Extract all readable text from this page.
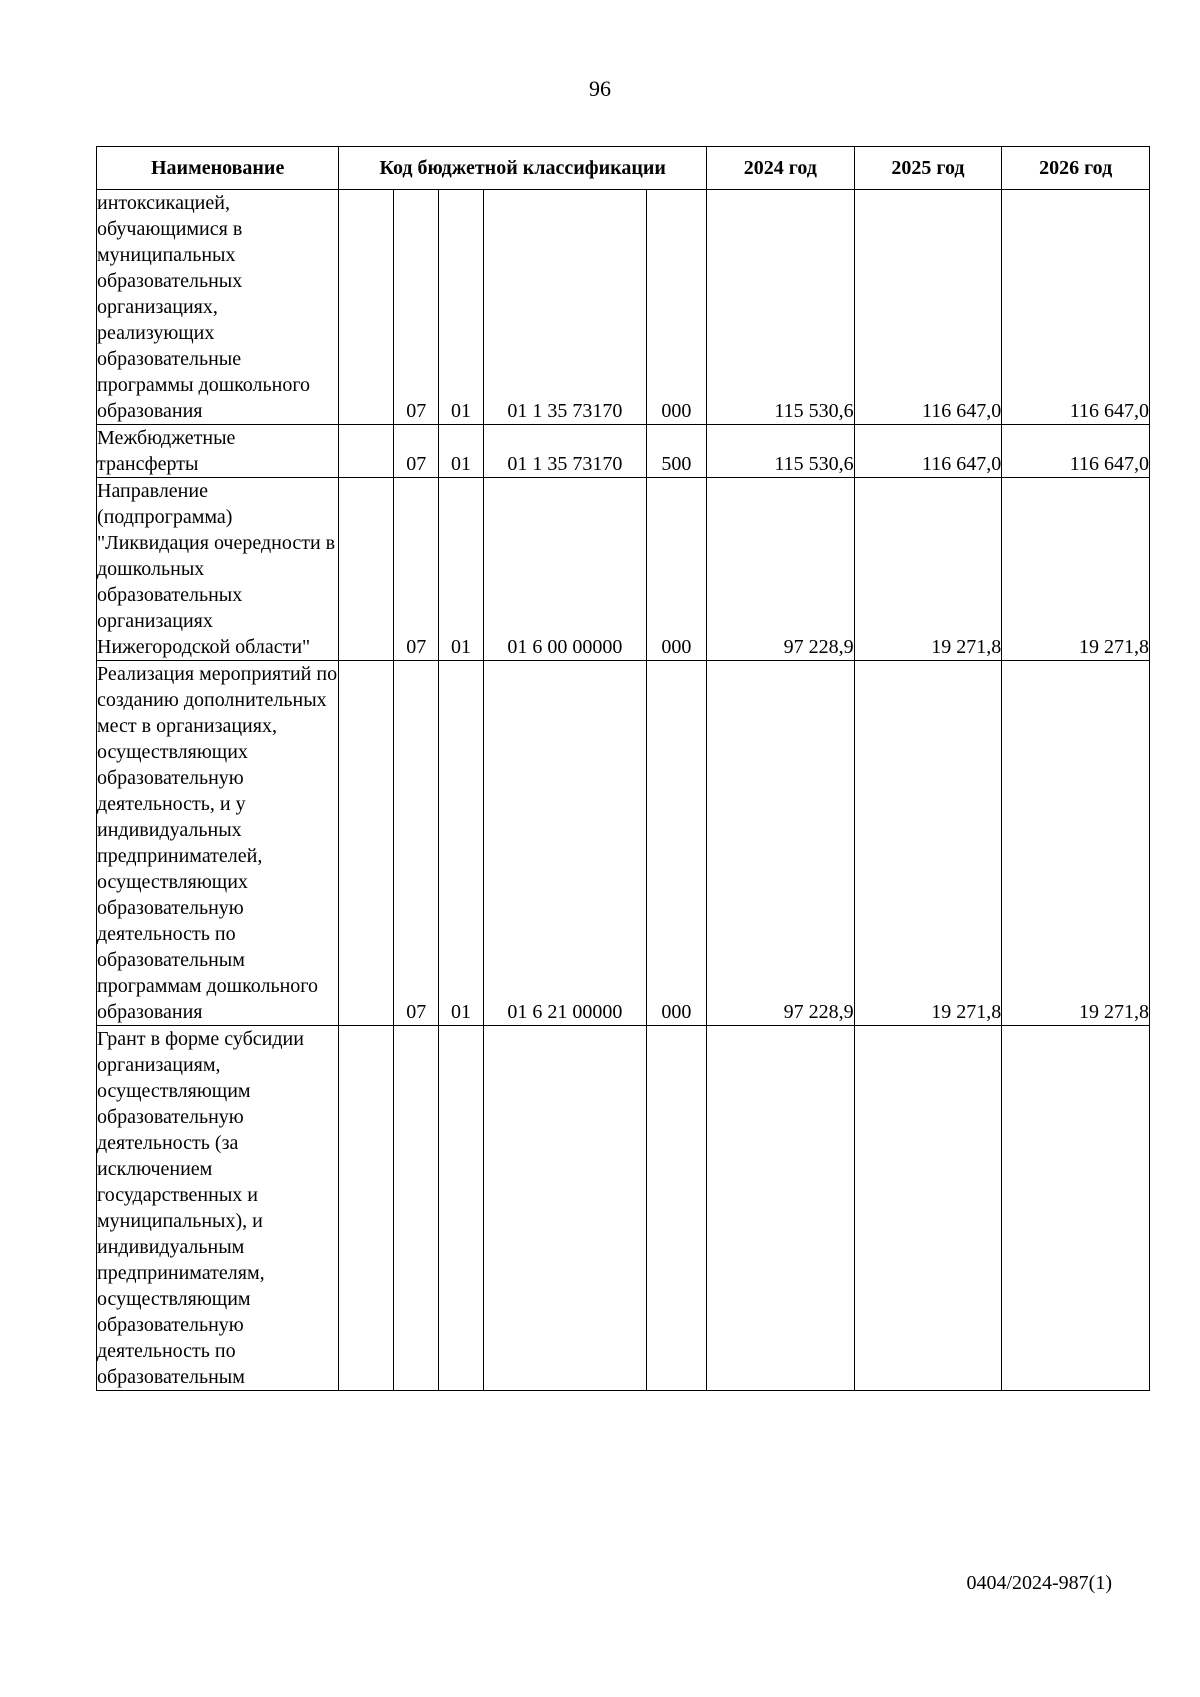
96
Наименование	Код бюджетной классификации					2024 год	2025 год	2026 год
интоксикацией, обучающимися в муниципальных образовательных организациях, реализующих образовательные программы дошкольного образования		07	01	01 1 35 73170	000	115 530,6	116 647,0	116 647,0
Межбюджетные трансферты		07	01	01 1 35 73170	500	115 530,6	116 647,0	116 647,0
Направление (подпрограмма) "Ликвидация очередности в дошкольных образовательных организациях Нижегородской области"		07	01	01 6 00 00000	000	97 228,9	19 271,8	19 271,8
Реализация мероприятий по созданию дополнительных мест в организациях, осуществляющих образовательную деятельность, и у индивидуальных предпринимателей, осуществляющих образовательную деятельность по образовательным программам дошкольного образования		07	01	01 6 21 00000	000	97 228,9	19 271,8	19 271,8
Грант в форме субсидии организациям, осуществляющим образовательную деятельность (за исключением государственных и муниципальных), и индивидуальным предпринимателям, осуществляющим образовательную деятельность по образовательным								
0404/2024-987(1)
